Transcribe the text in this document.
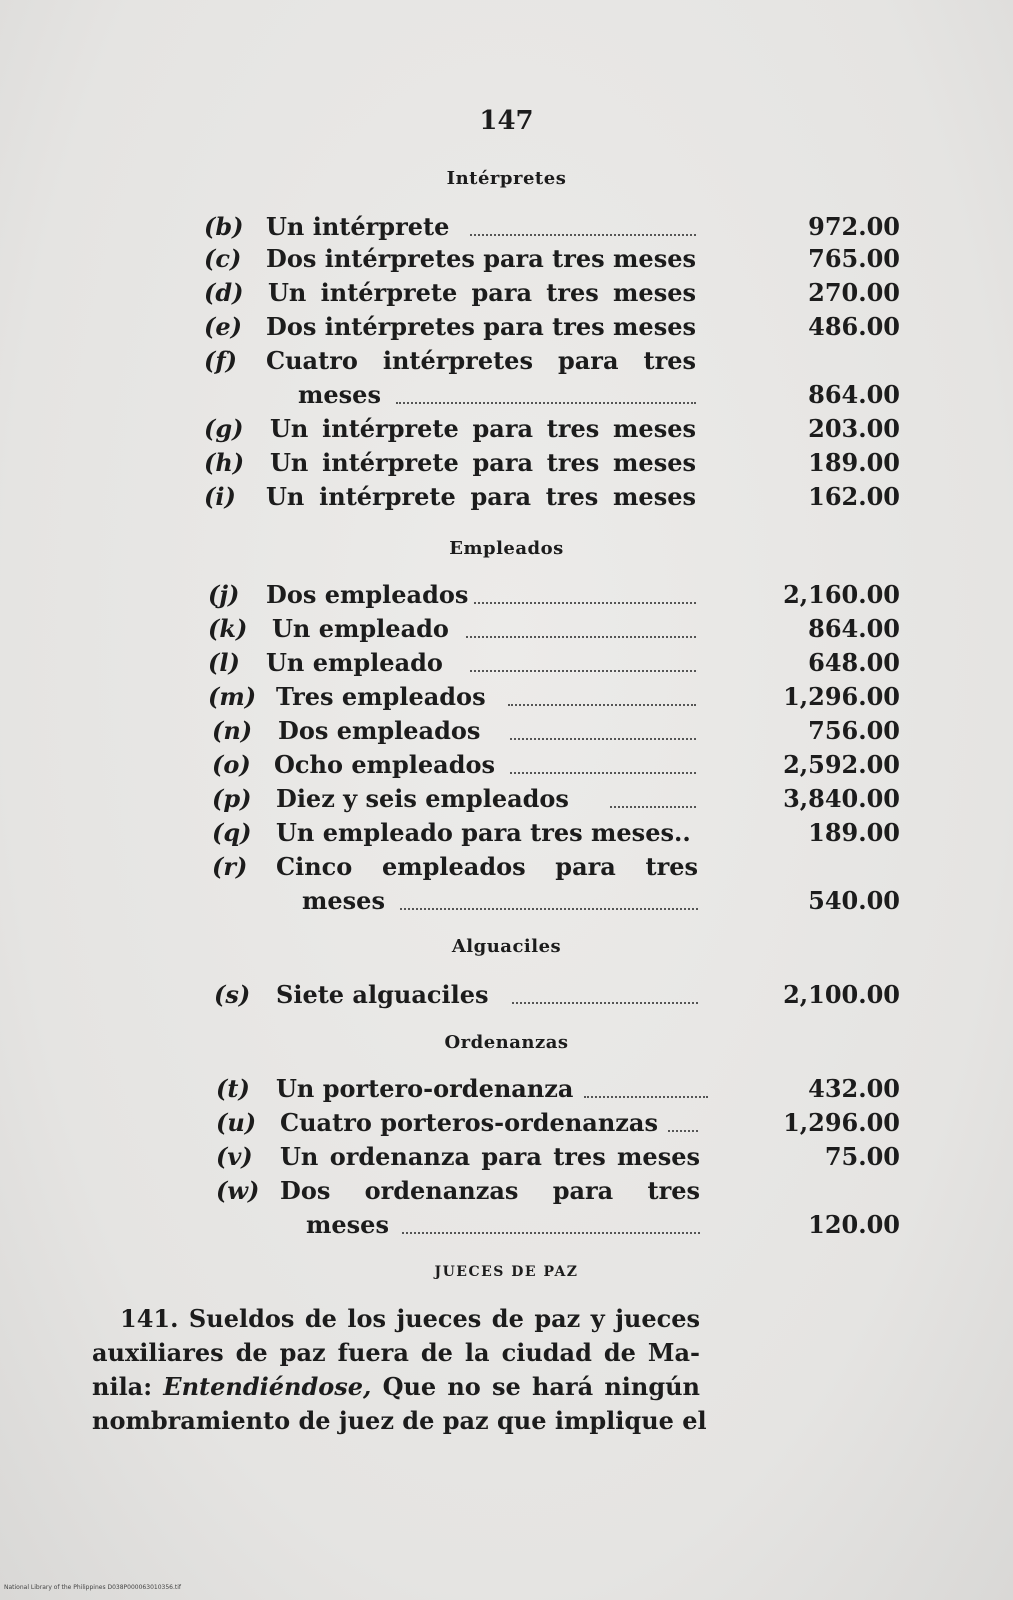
147
Intérpretes
(b) Un intérprete	972.00
(c) Dos intérpretes para tres meses	765.00
(d) Un intérprete para tres meses	270.00
(e) Dos intérpretes para tres meses	486.00
(f) Cuatro intérpretes para tres
meses	864.00
(g) Un intérprete para tres meses	203.00
(h) Un intérprete para tres meses	189.00
(i) Un intérprete para tres meses	162.00
Empleados
(j) Dos empleados	2,160.00
(k) Un empleado	864.00
(l) Un empleado	648.00
(m) Tres empleados	1,296.00
(n) Dos empleados	756.00
(o) Ocho empleados	2,592.00
(p) Diez y seis empleados	3,840.00
(q) Un empleado para tres meses..	189.00
(r) Cinco empleados para tres
meses	540.00
Alguaciles
(s) Siete alguaciles	2,100.00
Ordenanzas
(t) Un portero-ordenanza	432.00
(u) Cuatro porteros-ordenanzas	1,296.00
(v) Un ordenanza para tres meses	75.00
(w) Dos ordenanzas para tres
meses	120.00
JUECES DE PAZ
141. Sueldos de los jueces de paz y jueces
auxiliares de paz fuera de la ciudad de Ma-
nila: Entendiéndose, Que no se hará ningún
nombramiento de juez de paz que implique el
National Library of the Philippines D038P000063010356.tif
